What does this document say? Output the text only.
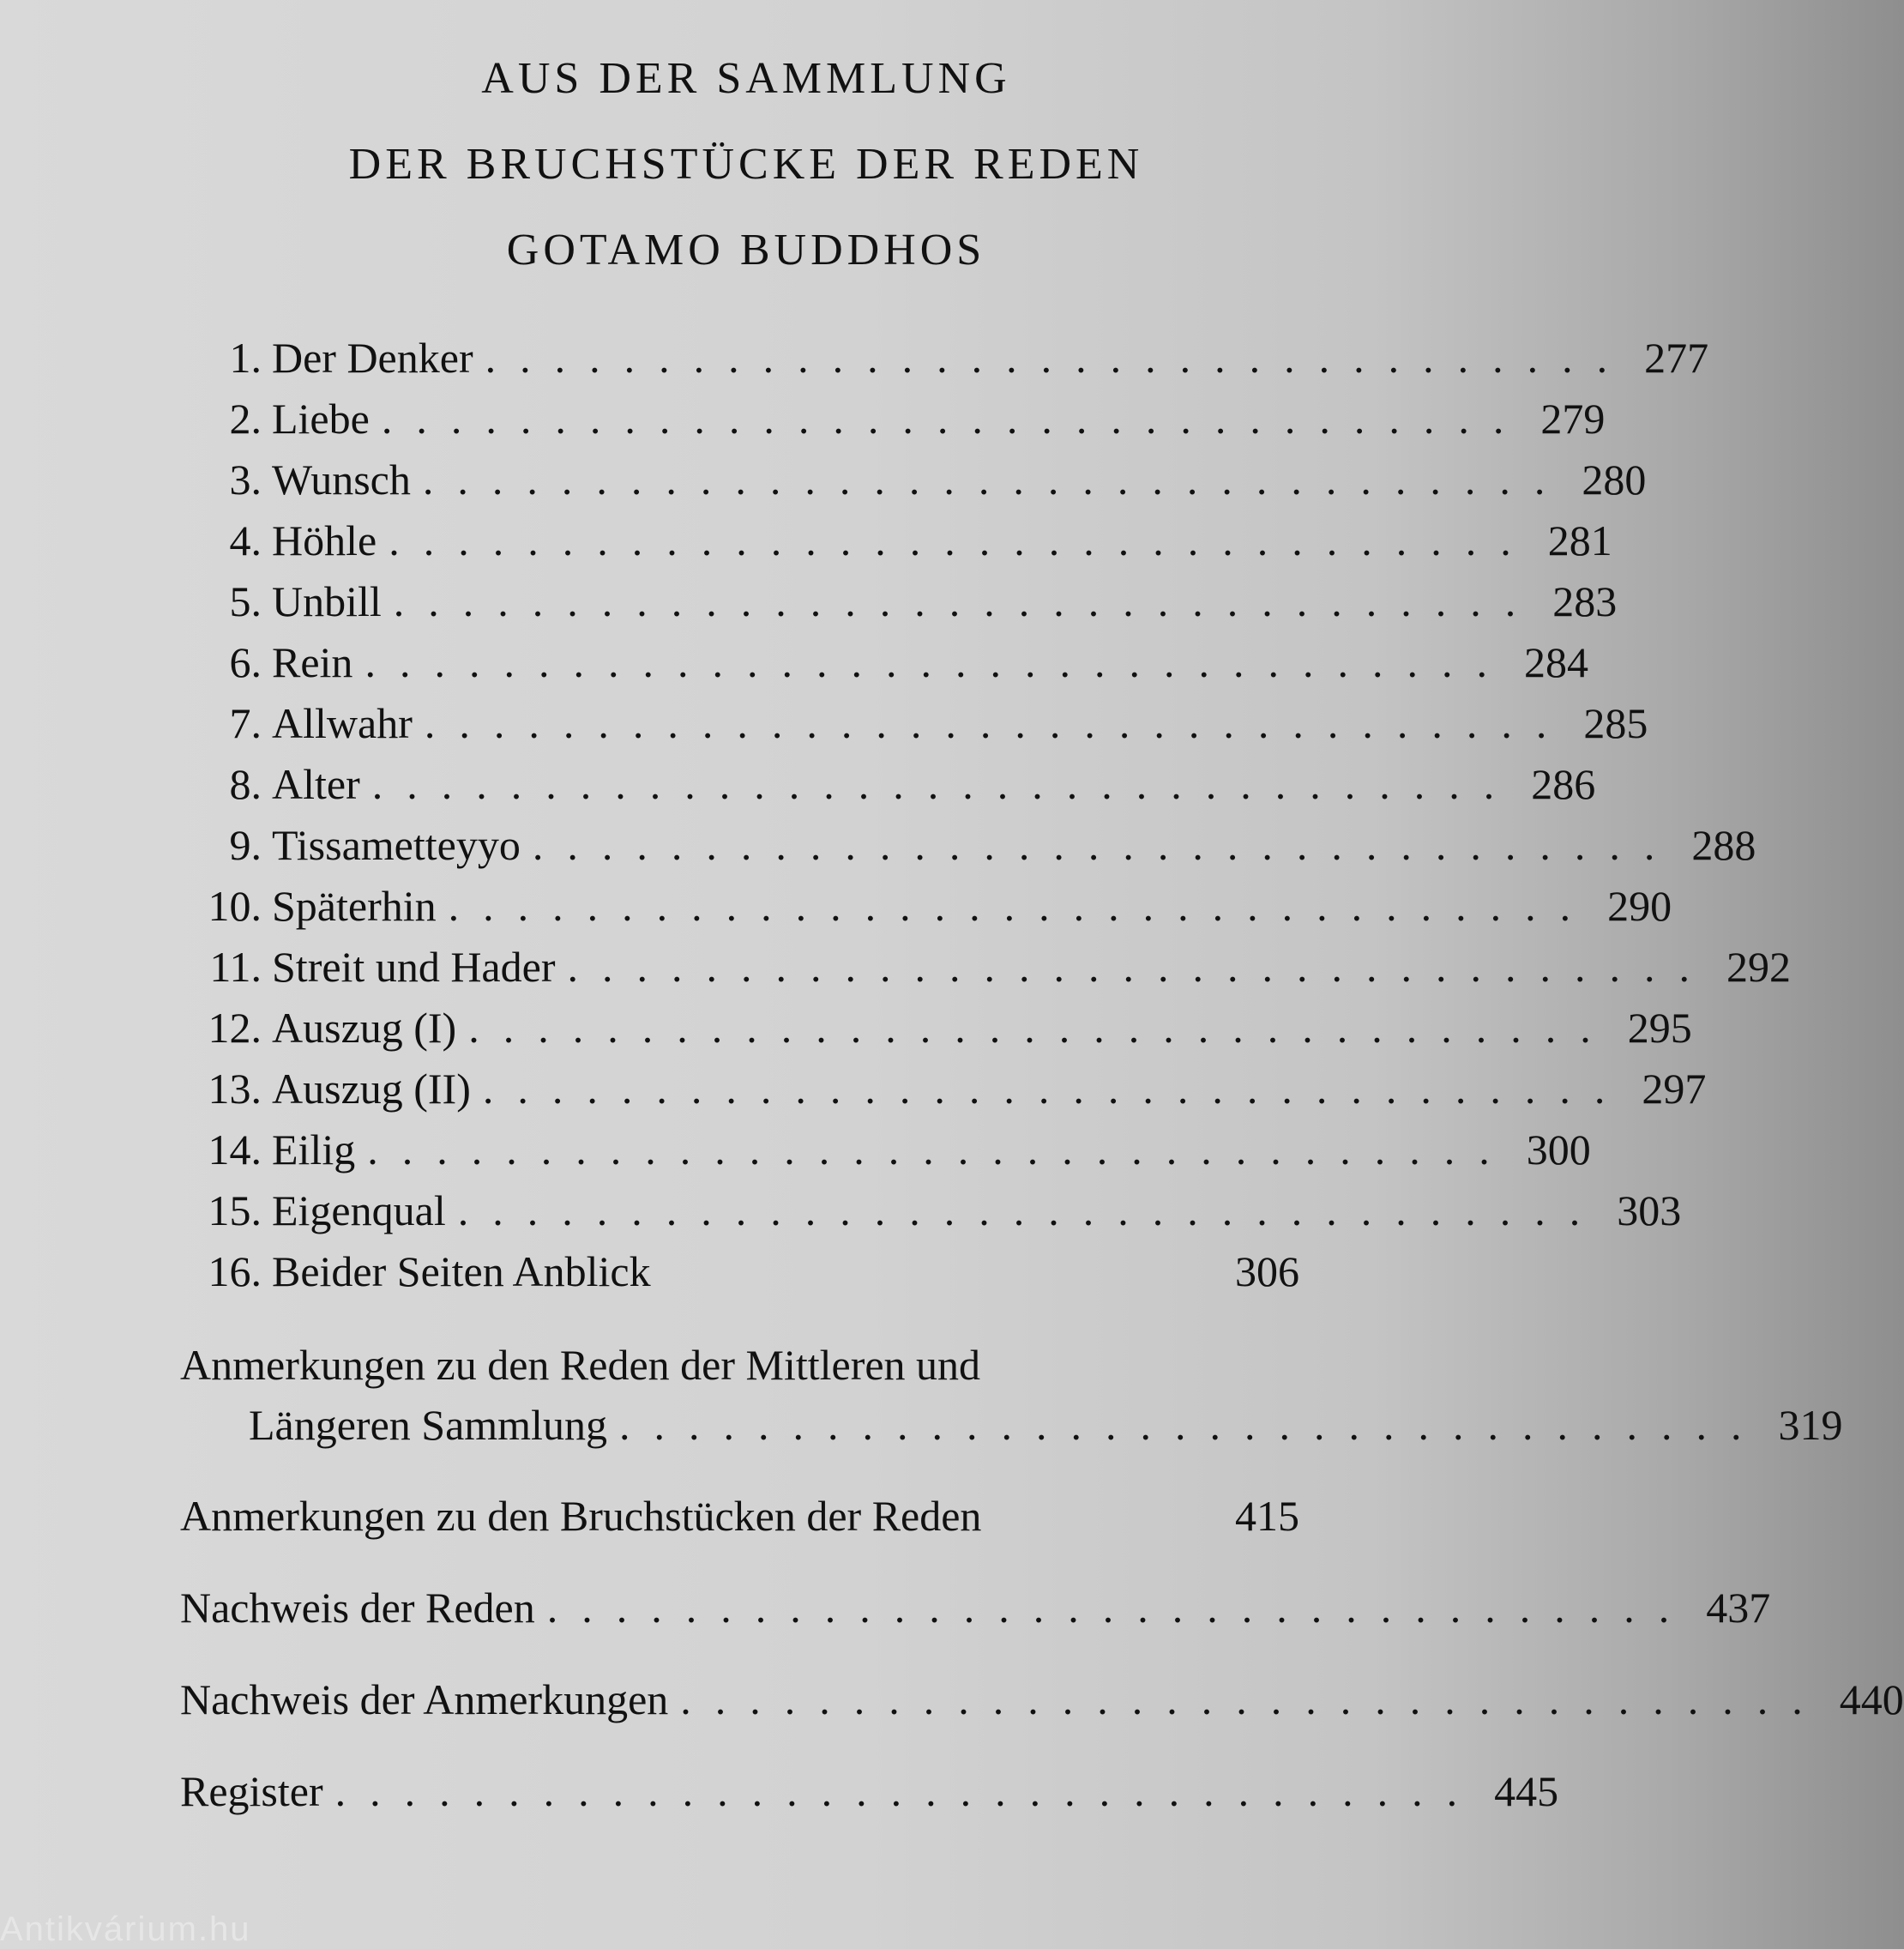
AUS DER SAMMLUNG
DER BRUCHSTÜCKE DER REDEN
GOTAMO BUDDHOS
1. Der Denker ................................. 277
2. Liebe ................................. 279
3. Wunsch ................................. 280
4. Höhle ................................. 281
5. Unbill ................................. 283
6. Rein ................................. 284
7. Allwahr ................................. 285
8. Alter ................................. 286
9. Tissametteyyo ................................. 288
10. Späterhin ................................. 290
11. Streit und Hader ................................. 292
12. Auszug (I) ................................. 295
13. Auszug (II) ................................. 297
14. Eilig ................................. 300
15. Eigenqual ................................. 303
16. Beider Seiten Anblick	306
Anmerkungen zu den Reden der Mittleren und
Längeren Sammlung ................................. 319
Anmerkungen zu den Bruchstücken der Reden	415
Nachweis der Reden ................................. 437
Nachweis der Anmerkungen ................................. 440
Register ................................. 445
Antikvárium.hu
